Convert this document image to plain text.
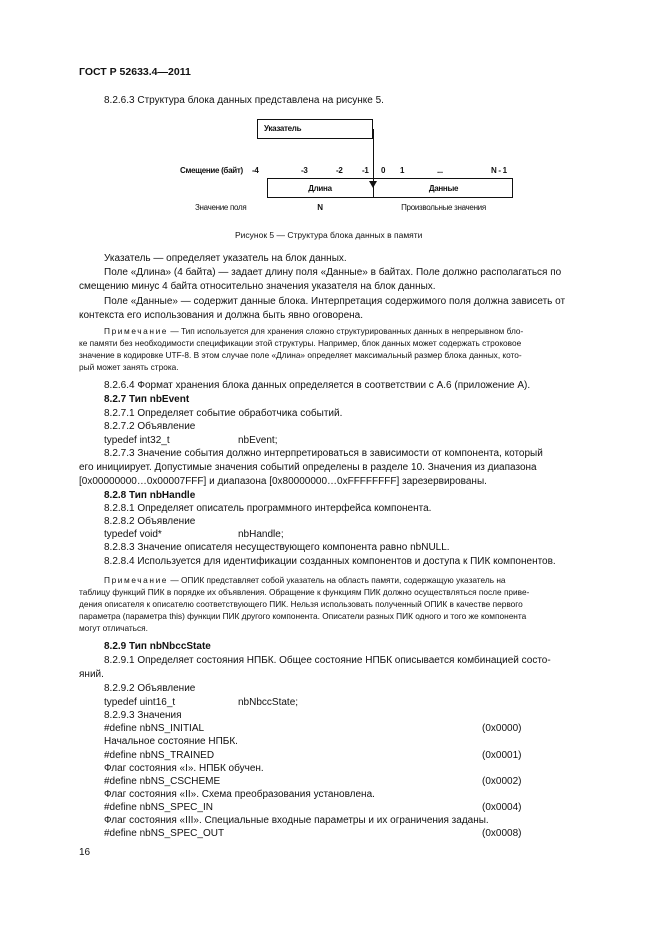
ГОСТ Р 52633.4—2011
8.2.6.3 Структура блока данных представлена на рисунке 5.
Указатель
Смещение (байт) -4	-3	-2 -1 0 1	...	N - 1
Длина	Данные
Значение поля	N	Произвольные значения
Рисунок 5 — Структура блока данных в памяти
Указатель — определяет указатель на блок данных.
Поле «Длина» (4 байта) — задает длину поля «Данные» в байтах. Поле должно располагаться по
смещению минус 4 байта относительно значения указателя на блок данных.
Поле «Данные» — содержит данные блока. Интерпретация содержимого поля должна зависеть от
контекста его использования и должна быть явно оговорена.
Примечание — Тип используется для хранения сложно структурированных данных в непрерывном бло-
ке памяти без необходимости спецификации этой структуры. Например, блок данных может содержать строковое
значение в кодировке UTF-8. В этом случае поле «Длина» определяет максимальный размер блока данных, кото-
рый может занять строка.
8.2.6.4 Формат хранения блока данных определяется в соответствии с А.6 (приложение А).
8.2.7 Тип nbEvent
8.2.7.1 Определяет событие обработчика событий.
8.2.7.2 Объявление
typedef int32_t	nbEvent;
8.2.7.3 Значение события должно интерпретироваться в зависимости от компонента, который
его инициирует. Допустимые значения событий определены в разделе 10. Значения из диапазона
[0x00000000…0x00007FFF] и диапазона [0x80000000…0xFFFFFFFF] зарезервированы.
8.2.8 Тип nbHandle
8.2.8.1 Определяет описатель программного интерфейса компонента.
8.2.8.2 Объявление
typedef void*	nbHandle;
8.2.8.3 Значение описателя несуществующего компонента равно nbNULL.
8.2.8.4 Используется для идентификации созданных компонентов и доступа к ПИК компонентов.
Примечание — ОПИК представляет собой указатель на область памяти, содержащую указатель на
таблицу функций ПИК в порядке их объявления. Обращение к функциям ПИК должно осуществляться после приве-
дения описателя к описателю соответствующего ПИК. Нельзя использовать полученный ОПИК в качестве первого
параметра (параметра this) функции ПИК другого компонента. Описатели разных ПИК одного и того же компонента
могут отличаться.
8.2.9 Тип nbNbccState
8.2.9.1 Определяет состояния НПБК. Общее состояние НПБК описывается комбинацией состо-
яний.
8.2.9.2 Объявление
typedef uint16_t	nbNbccState;
8.2.9.3 Значения
#define nbNS_INITIAL	(0x0000)
Начальное состояние НПБК.
#define nbNS_TRAINED	(0x0001)
Флаг состояния «I». НПБК обучен.
#define nbNS_CSCHEME	(0x0002)
Флаг состояния «II». Схема преобразования установлена.
#define nbNS_SPEC_IN	(0x0004)
Флаг состояния «III». Специальные входные параметры и их ограничения заданы.
#define nbNS_SPEC_OUT	(0x0008)
16
